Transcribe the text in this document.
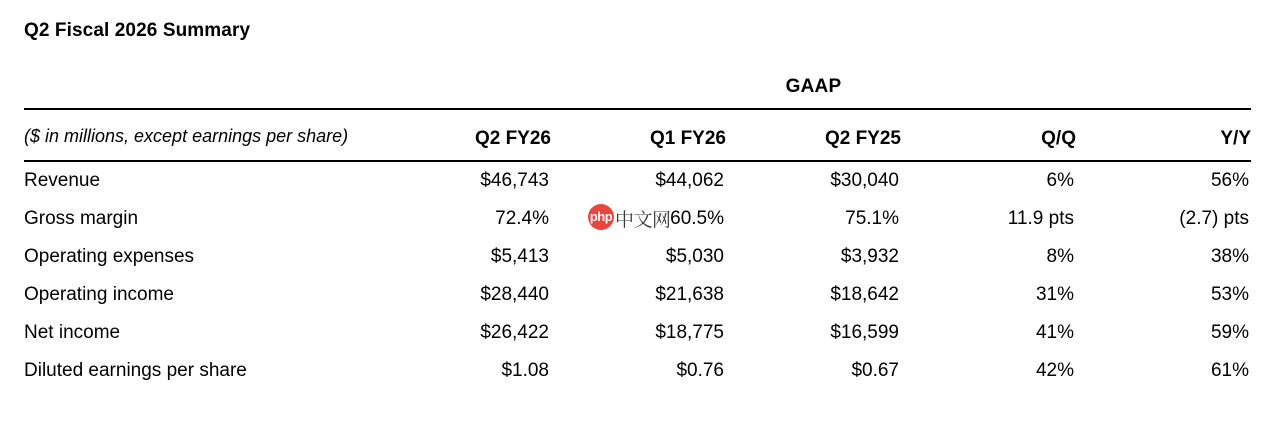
Q2 Fiscal 2026 Summary
	GAAP				

($ in millions, except earnings per share)	Q2 FY26	Q1 FY26	Q2 FY25	Q/Q	Y/Y

Revenue	$46,743	$44,062	$30,040	6%	56%
Gross margin	72.4%	60.5%	75.1%	11.9 pts	(2.7) pts
Operating expenses	$5,413	$5,030	$3,932	8%	38%
Operating income	$28,440	$21,638	$18,642	31%	53%
Net income	$26,422	$18,775	$16,599	41%	59%
Diluted earnings per share	$1.08	$0.76	$0.67	42%	61%
php 中文网
